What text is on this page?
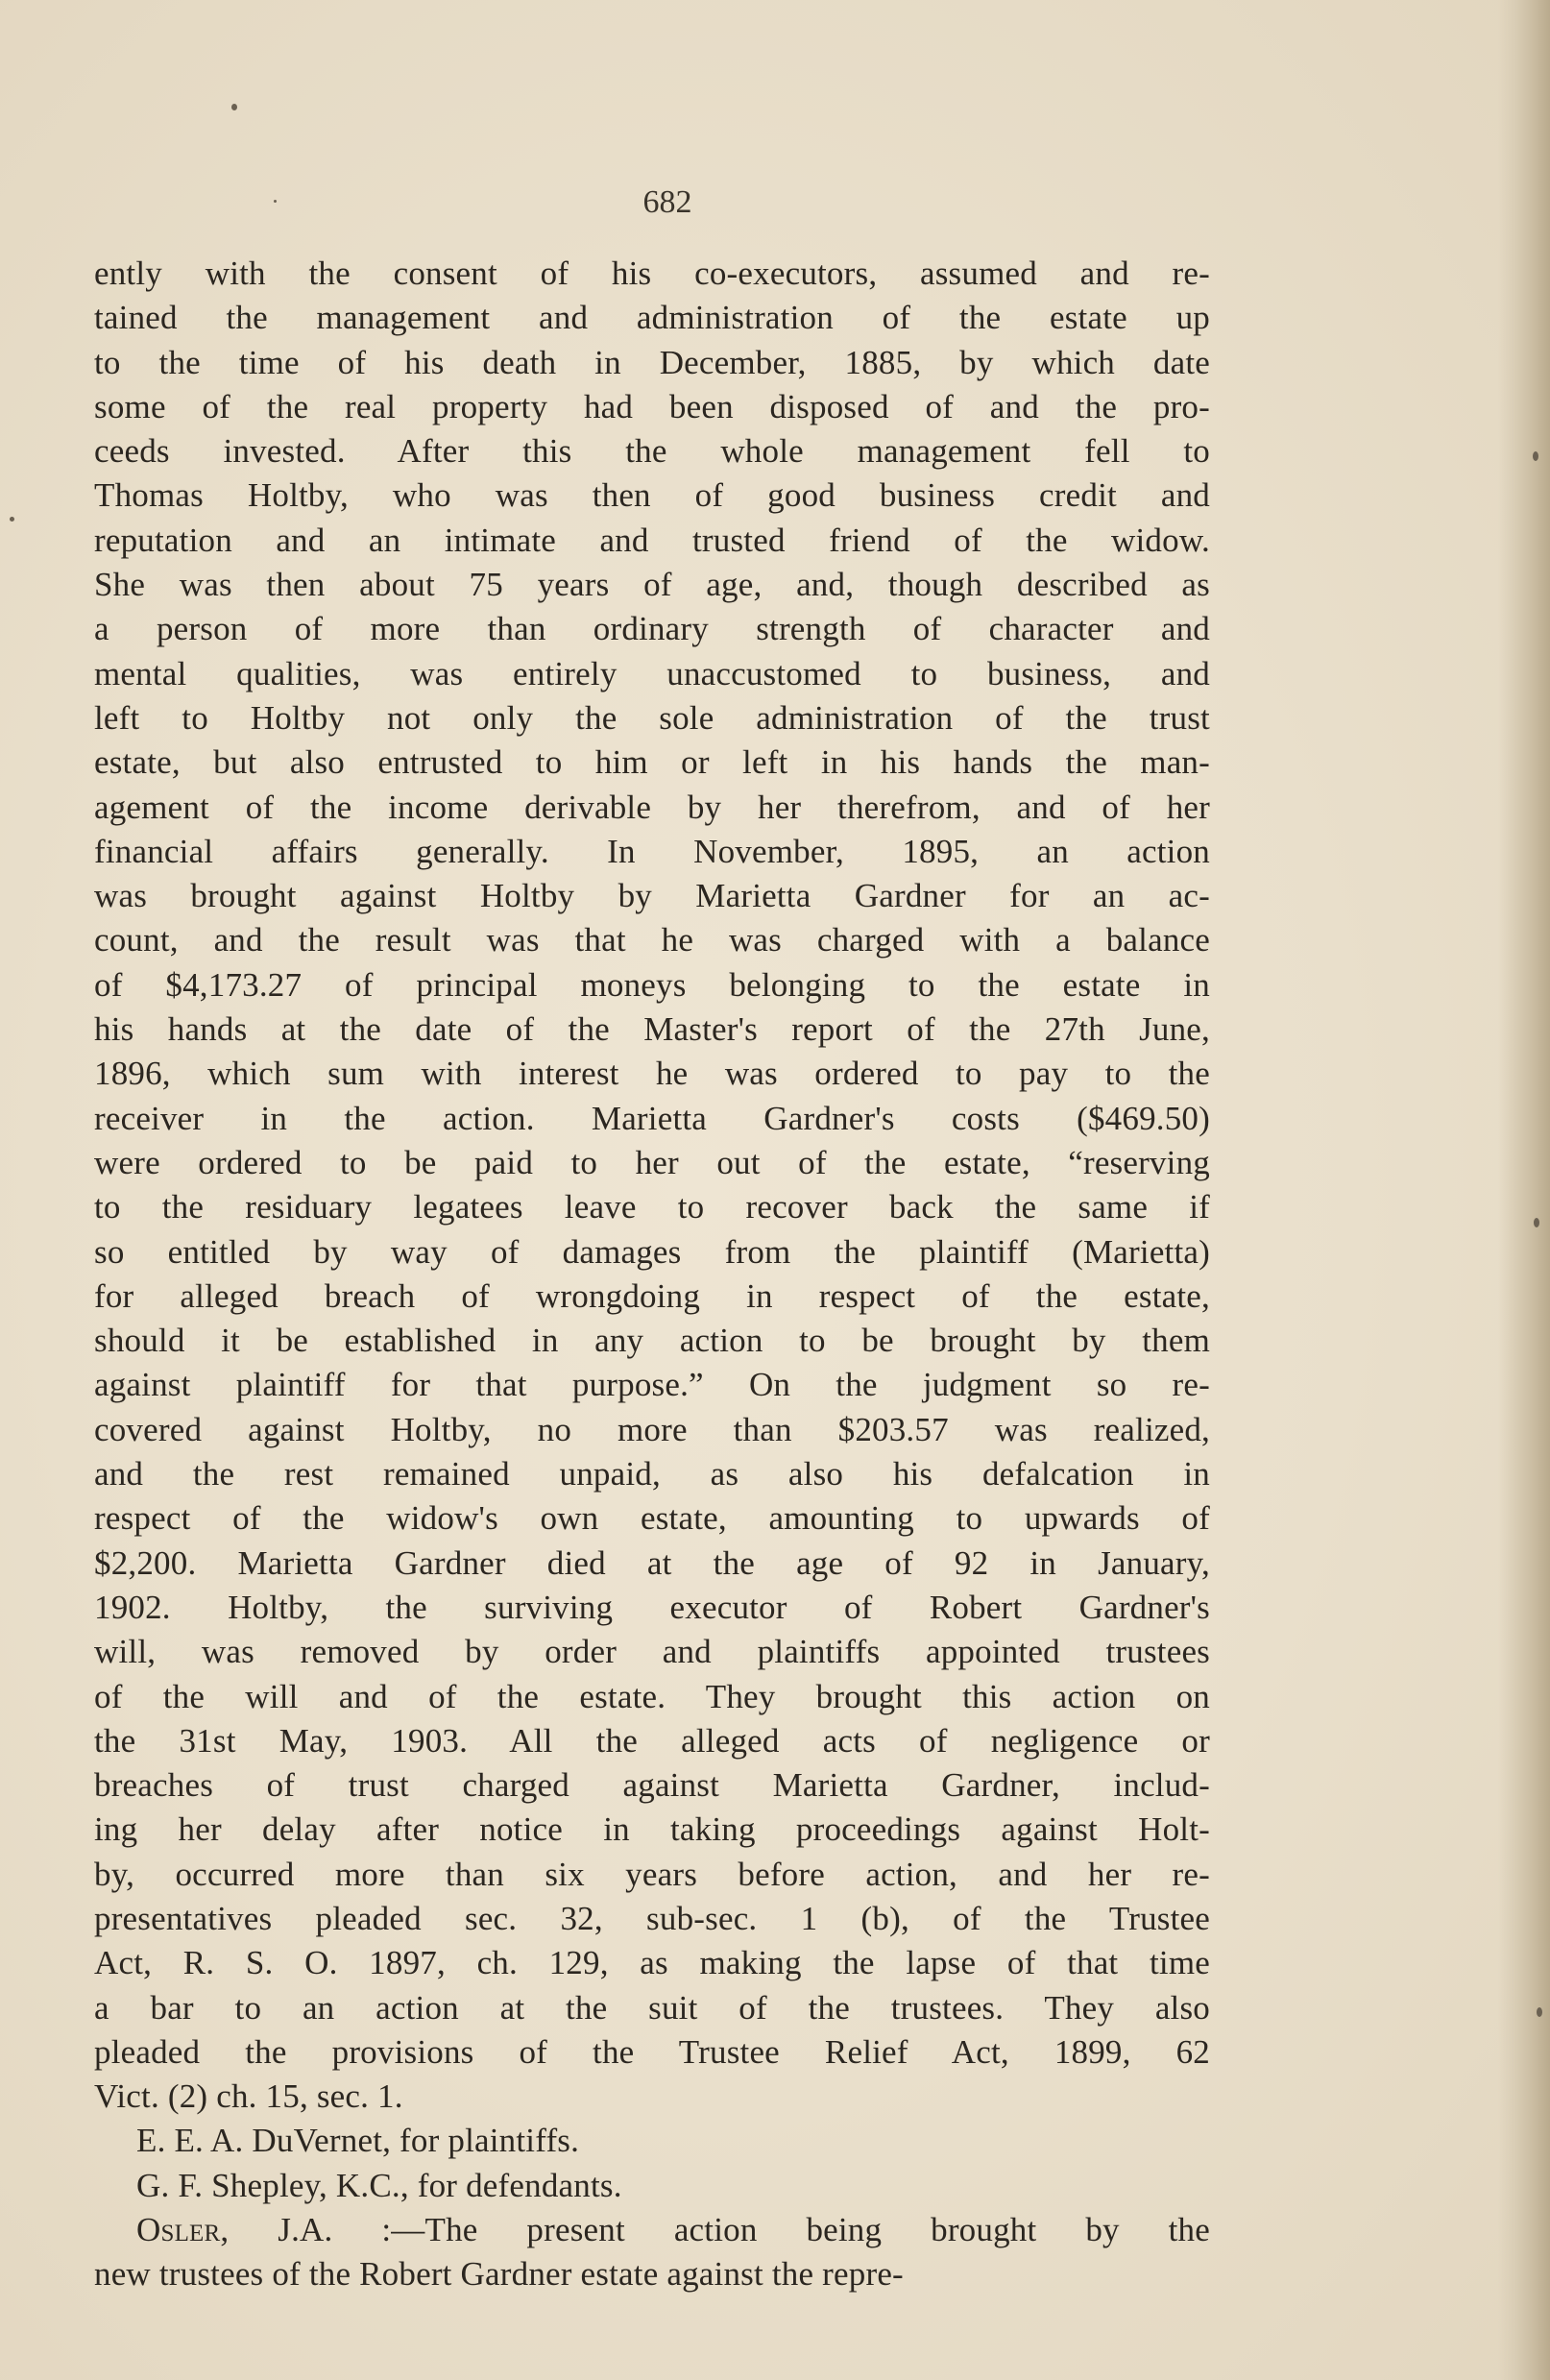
682
ently with the consent of his co-executors, assumed and re-
tained the management and administration of the estate up
to the time of his death in December, 1885, by which date
some of the real property had been disposed of and the pro-
ceeds invested. After this the whole management fell to
Thomas Holtby, who was then of good business credit and
reputation and an intimate and trusted friend of the widow.
She was then about 75 years of age, and, though described as
a person of more than ordinary strength of character and
mental qualities, was entirely unaccustomed to business, and
left to Holtby not only the sole administration of the trust
estate, but also entrusted to him or left in his hands the man-
agement of the income derivable by her therefrom, and of her
financial affairs generally. In November, 1895, an action
was brought against Holtby by Marietta Gardner for an ac-
count, and the result was that he was charged with a balance
of $4,173.27 of principal moneys belonging to the estate in
his hands at the date of the Master's report of the 27th June,
1896, which sum with interest he was ordered to pay to the
receiver in the action. Marietta Gardner's costs ($469.50)
were ordered to be paid to her out of the estate, “reserving
to the residuary legatees leave to recover back the same if
so entitled by way of damages from the plaintiff (Marietta)
for alleged breach of wrongdoing in respect of the estate,
should it be established in any action to be brought by them
against plaintiff for that purpose.” On the judgment so re-
covered against Holtby, no more than $203.57 was realized,
and the rest remained unpaid, as also his defalcation in
respect of the widow's own estate, amounting to upwards of
$2,200. Marietta Gardner died at the age of 92 in January,
1902. Holtby, the surviving executor of Robert Gardner's
will, was removed by order and plaintiffs appointed trustees
of the will and of the estate. They brought this action on
the 31st May, 1903. All the alleged acts of negligence or
breaches of trust charged against Marietta Gardner, includ-
ing her delay after notice in taking proceedings against Holt-
by, occurred more than six years before action, and her re-
presentatives pleaded sec. 32, sub-sec. 1 (b), of the Trustee
Act, R. S. O. 1897, ch. 129, as making the lapse of that time
a bar to an action at the suit of the trustees. They also
pleaded the provisions of the Trustee Relief Act, 1899, 62
Vict. (2) ch. 15, sec. 1.
E. E. A. DuVernet, for plaintiffs.
G. F. Shepley, K.C., for defendants.
Osler, J.A. :—The present action being brought by the
new trustees of the Robert Gardner estate against the repre-
